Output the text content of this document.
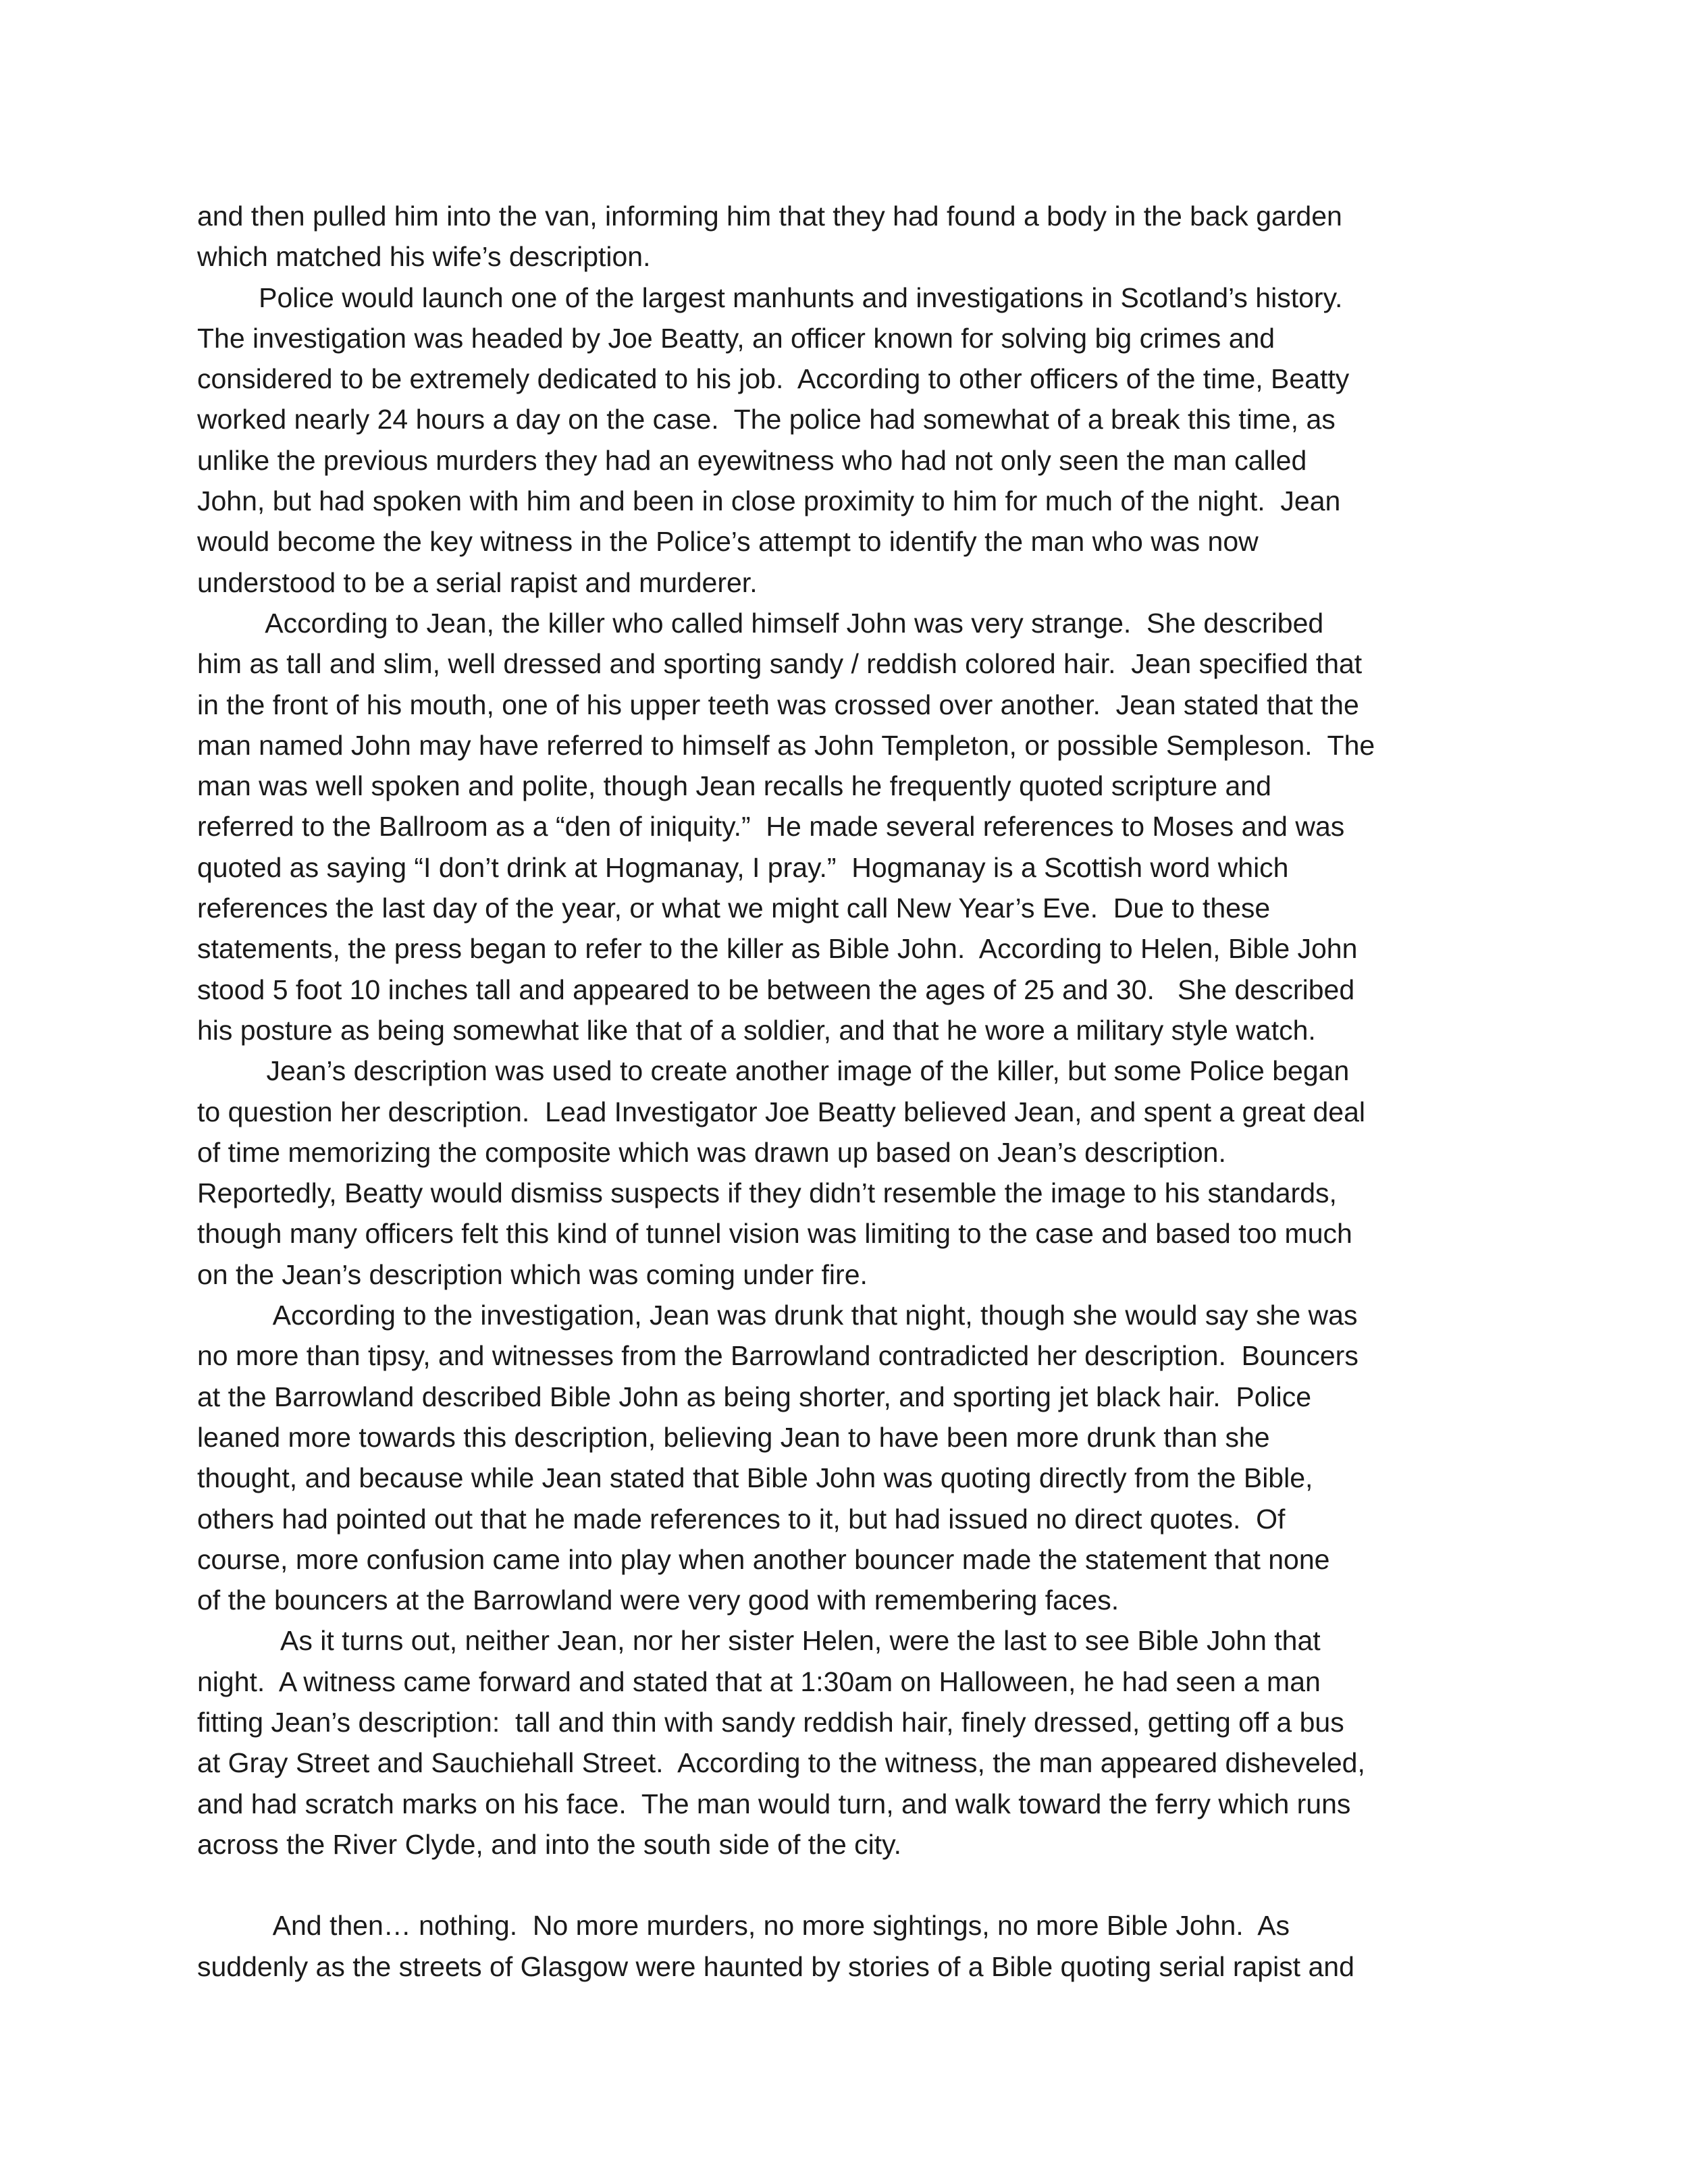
and then pulled him into the van, informing him that they had found a body in the back garden
which matched his wife’s description.
Police would launch one of the largest manhunts and investigations in Scotland’s history.
The investigation was headed by Joe Beatty, an officer known for solving big crimes and
considered to be extremely dedicated to his job.  According to other officers of the time, Beatty
worked nearly 24 hours a day on the case.  The police had somewhat of a break this time, as
unlike the previous murders they had an eyewitness who had not only seen the man called
John, but had spoken with him and been in close proximity to him for much of the night.  Jean
would become the key witness in the Police’s attempt to identify the man who was now
understood to be a serial rapist and murderer.
According to Jean, the killer who called himself John was very strange.  She described
him as tall and slim, well dressed and sporting sandy / reddish colored hair.  Jean specified that
in the front of his mouth, one of his upper teeth was crossed over another.  Jean stated that the
man named John may have referred to himself as John Templeton, or possible Sempleson.  The
man was well spoken and polite, though Jean recalls he frequently quoted scripture and
referred to the Ballroom as a “den of iniquity.”  He made several references to Moses and was
quoted as saying “I don’t drink at Hogmanay, I pray.”  Hogmanay is a Scottish word which
references the last day of the year, or what we might call New Year’s Eve.  Due to these
statements, the press began to refer to the killer as Bible John.  According to Helen, Bible John
stood 5 foot 10 inches tall and appeared to be between the ages of 25 and 30.   She described
his posture as being somewhat like that of a soldier, and that he wore a military style watch.
Jean’s description was used to create another image of the killer, but some Police began
to question her description.  Lead Investigator Joe Beatty believed Jean, and spent a great deal
of time memorizing the composite which was drawn up based on Jean’s description.
Reportedly, Beatty would dismiss suspects if they didn’t resemble the image to his standards,
though many officers felt this kind of tunnel vision was limiting to the case and based too much
on the Jean’s description which was coming under fire.
According to the investigation, Jean was drunk that night, though she would say she was
no more than tipsy, and witnesses from the Barrowland contradicted her description.  Bouncers
at the Barrowland described Bible John as being shorter, and sporting jet black hair.  Police
leaned more towards this description, believing Jean to have been more drunk than she
thought, and because while Jean stated that Bible John was quoting directly from the Bible,
others had pointed out that he made references to it, but had issued no direct quotes.  Of
course, more confusion came into play when another bouncer made the statement that none
of the bouncers at the Barrowland were very good with remembering faces.
As it turns out, neither Jean, nor her sister Helen, were the last to see Bible John that
night.  A witness came forward and stated that at 1:30am on Halloween, he had seen a man
fitting Jean’s description:  tall and thin with sandy reddish hair, finely dressed, getting off a bus
at Gray Street and Sauchiehall Street.  According to the witness, the man appeared disheveled,
and had scratch marks on his face.  The man would turn, and walk toward the ferry which runs
across the River Clyde, and into the south side of the city.
And then… nothing.  No more murders, no more sightings, no more Bible John.  As
suddenly as the streets of Glasgow were haunted by stories of a Bible quoting serial rapist and
